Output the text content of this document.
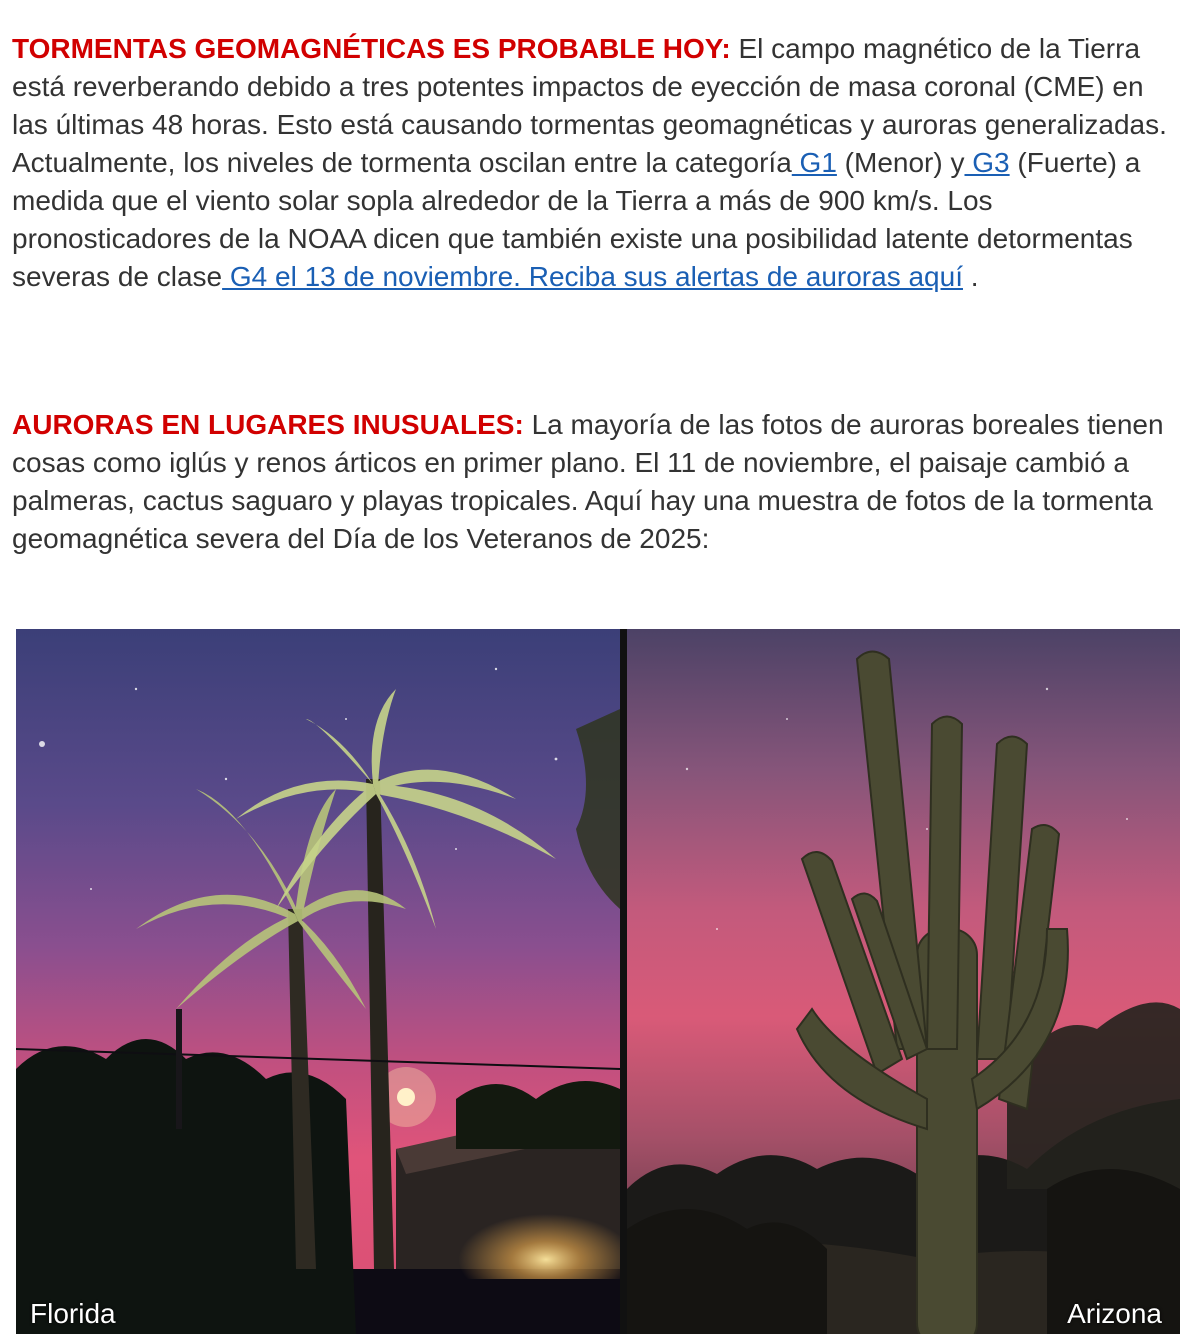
TORMENTAS GEOMAGNÉTICAS ES PROBABLE HOY: El campo magnético de la Tierra está reverberando debido a tres potentes impactos de eyección de masa coronal (CME) en las últimas 48 horas. Esto está causando tormentas geomagnéticas y auroras generalizadas. Actualmente, los niveles de tormenta oscilan entre la categoría G1 (Menor) y G3 (Fuerte) a medida que el viento solar sopla alrededor de la Tierra a más de 900 km/s. Los pronosticadores de la NOAA dicen que también existe una posibilidad latente detormentas severas de clase G4 el 13 de noviembre. Reciba sus alertas de auroras aquí .

AURORAS EN LUGARES INUSUALES: La mayoría de las fotos de auroras boreales tienen cosas como iglús y renos árticos en primer plano. El 11 de noviembre, el paisaje cambió a palmeras, cactus saguaro y playas tropicales. Aquí hay una muestra de fotos de la tormenta geomagnética severa del Día de los Veteranos de 2025:

Florida	Arizona
